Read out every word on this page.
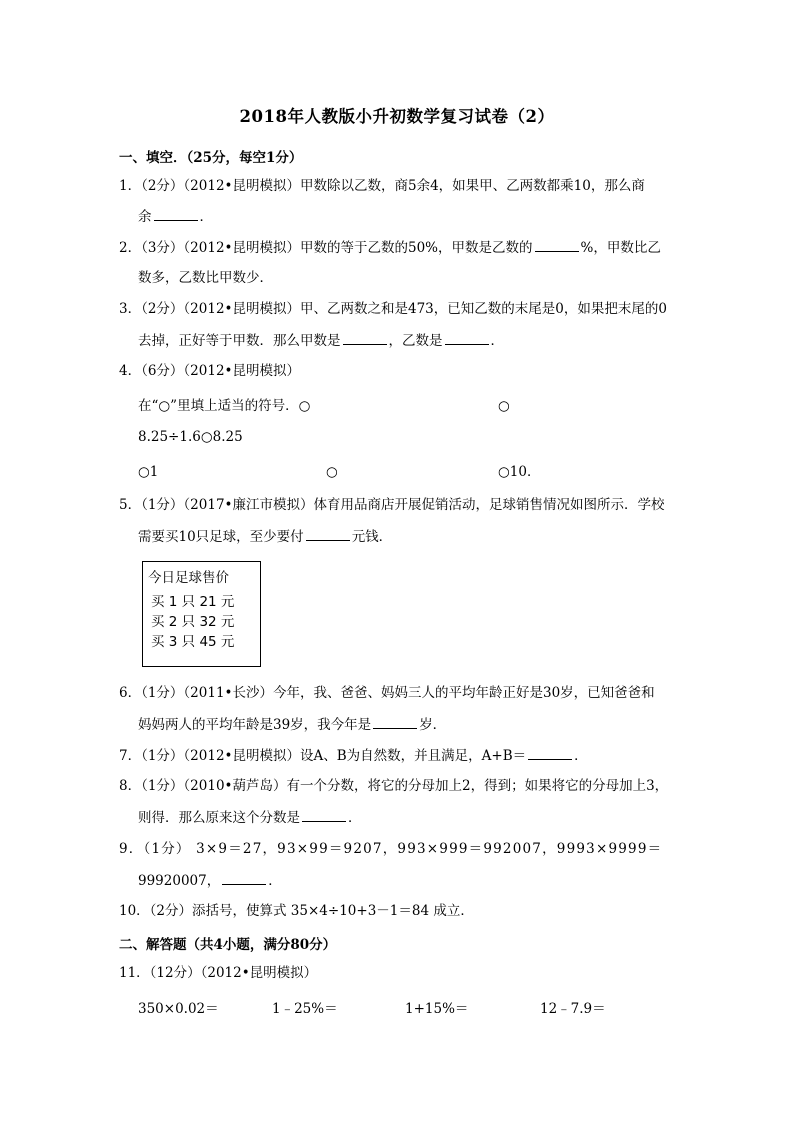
2018年人教版小升初数学复习试卷（2）
一、填空．（25分，每空1分）
1．（2分）（2012•昆明模拟）甲数除以乙数，商5余4，如果甲、乙两数都乘10，那么商
余	．
2．（3分）（2012•昆明模拟）甲数的等于乙数的50%，甲数是乙数的	%，甲数比乙
数多，乙数比甲数少．
3．（2分）（2012•昆明模拟）甲、乙两数之和是473，已知乙数的末尾是0，如果把末尾的0
去掉，正好等于甲数．那么甲数是	，乙数是	．
4．（6分）（2012•昆明模拟）
在“○”里填上适当的符号．○	○
8.25÷1.6○8.25
○1	○	○10．
5．（1分）（2017•廉江市模拟）体育用品商店开展促销活动，足球销售情况如图所示．学校
需要买10只足球，至少要付	元钱．
今日足球售价
买 1 只 21 元
买 2 只 32 元
买 3 只 45 元
6．（1分）（2011•长沙）今年，我、爸爸、妈妈三人的平均年龄正好是30岁，已知爸爸和
妈妈两人的平均年龄是39岁，我今年是	岁．
7．（1分）（2012•昆明模拟）设A、B为自然数，并且满足，A+B＝	．
8．（1分）（2010•葫芦岛）有一个分数，将它的分母加上2，得到；如果将它的分母加上3，
则得．那么原来这个分数是	．
9．（1分） 3×9＝27，93×99＝9207，993×999＝992007，9993×9999＝
99920007，	．
10．（2分）添括号，使算式 35×4÷10+3－1＝84 成立．
二、解答题（共4小题，满分80分）
11．（12分）（2012•昆明模拟）
350×0.02＝	1﹣25%＝	1+15%＝	12﹣7.9＝
